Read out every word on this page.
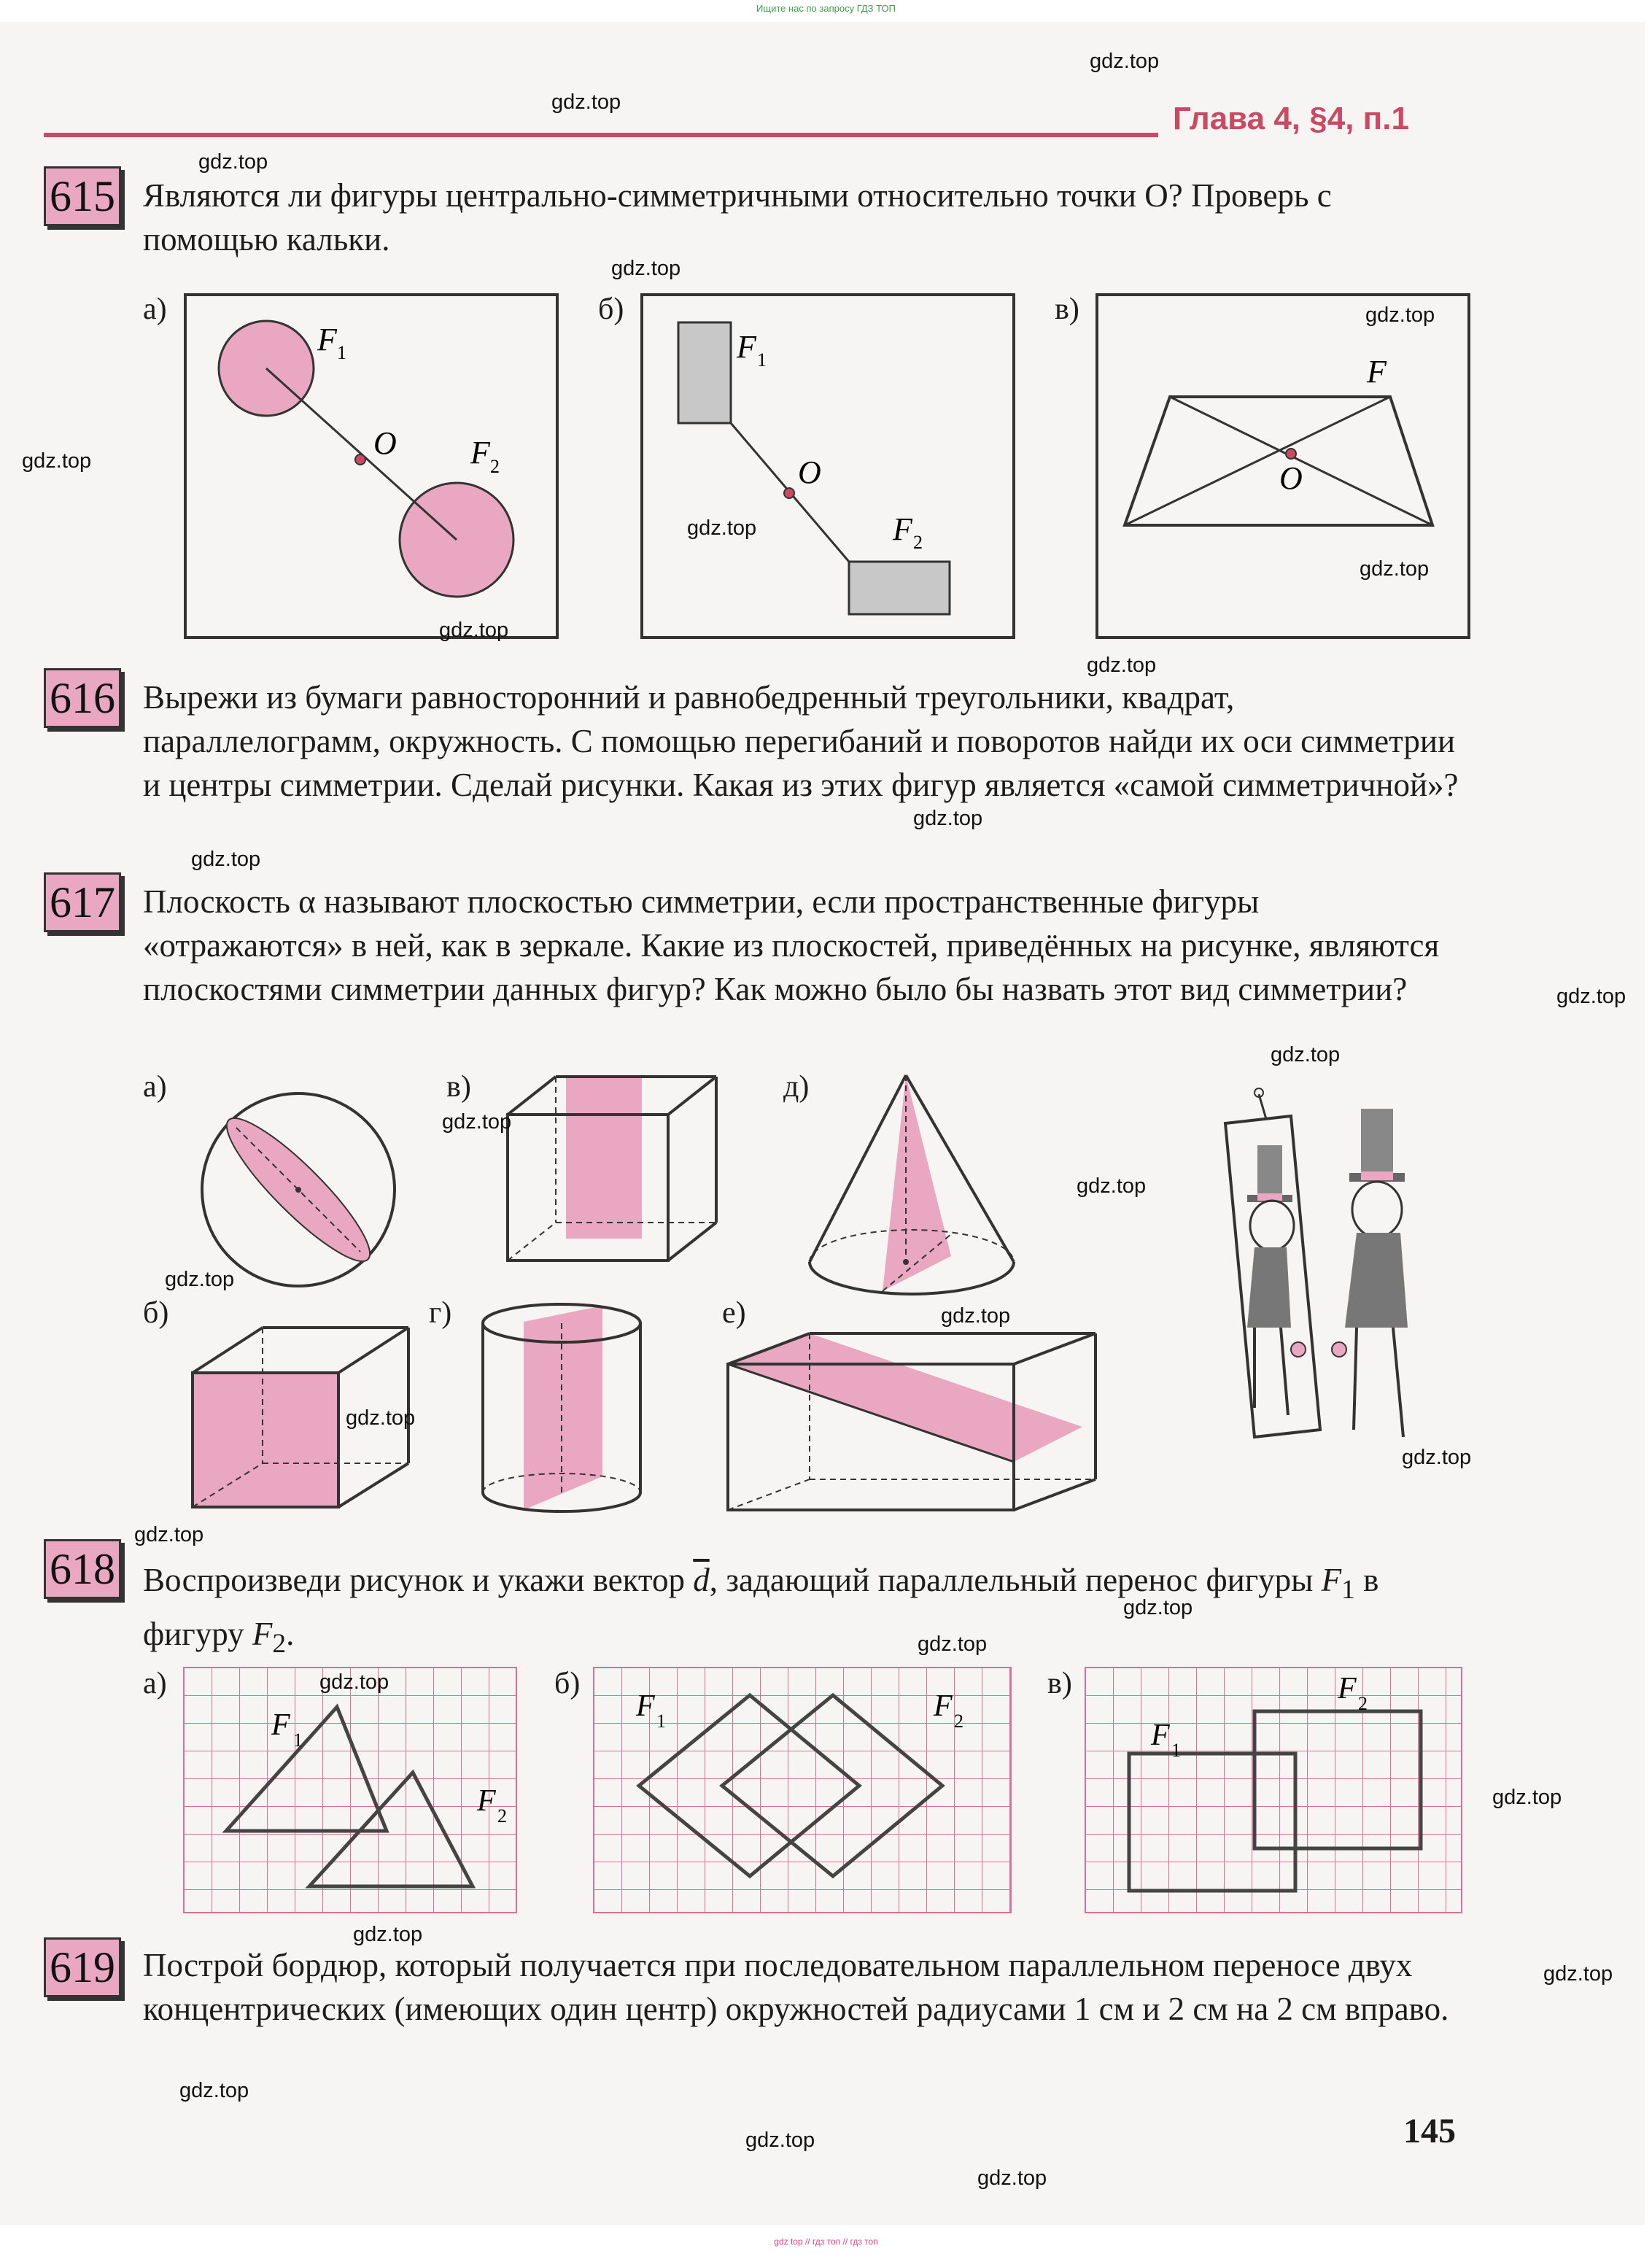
Ищите нас по запросу ГДЗ ТОП
Глава 4, §4, п.1
615 Являются ли фигуры центрально-симметричными относительно точки O? Проверь с помощью кальки.
а)
F 1
O F 2
б)
F 1
O
F 2
в)
F
O
616 Вырежи из бумаги равносторонний и равнобедренный треугольники, квадрат, параллелограмм, окружность. С помощью перегибаний и поворотов найди их оси симметрии и центры симметрии. Сделай рисунки. Какая из этих фигур является «самой симметричной»?
617 Плоскость α называют плоскостью симметрии, если пространственные фигуры «отражаются» в ней, как в зеркале. Какие из плоскостей, приведённых на рисунке, являются плоскостями симметрии данных фигур? Как можно было бы назвать этот вид симметрии?
а)	в)	д)
б)	г)	е)
618 Воспроизведи рисунок и укажи вектор $\overline{d}$, задающий параллельный перенос фигуры $F_1$ в фигуру $F_2$.
а)
F 1
F 2
б)
F 1	F 2
в)
F 1
F 2
619 Построй бордюр, который получается при последовательном параллельном переносе двух концентрических (имеющих один центр) окружностей радиусами 1 см и 2 см на 2 см вправо.
145
gdz.top
gdz.top
gdz.top
gdz.top
gdz.top
gdz.top
gdz.top
gdz.top
gdz.top
gdz.top
gdz.top
gdz.top
gdz.top
gdz.top
gdz.top
gdz.top
gdz.top
gdz.top
gdz.top
gdz.top
gdz.top
gdz.top
gdz.top
gdz.top
gdz.top
gdz.top
gdz.top
gdz.top
gdz.top
gdz.top
gdz top // гдз топ // гдз топ
